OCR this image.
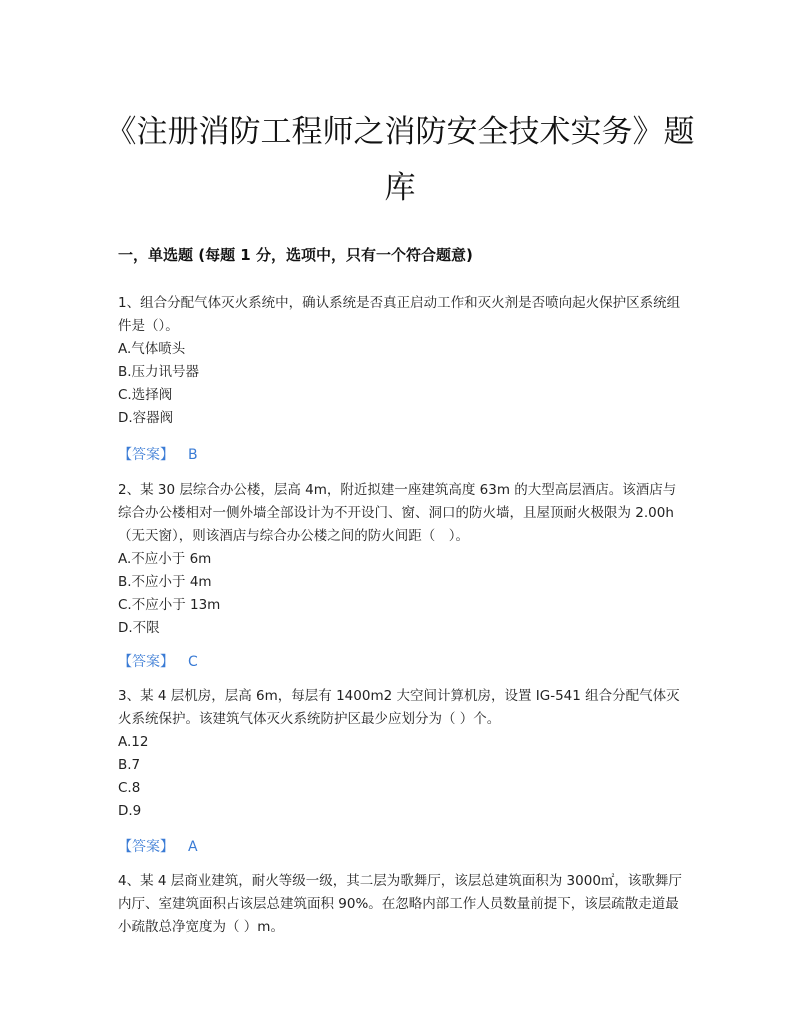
《注册消防工程师之消防安全技术实务》题库
一，单选题 (每题 1 分，选项中，只有一个符合题意)

1、组合分配气体灭火系统中，确认系统是否真正启动工作和灭火剂是否喷向起火保护区系统组件是（）。

A.气体喷头

B.压力讯号器

C.选择阀

D.容器阀

【答案】 B

2、某 30 层综合办公楼，层高 4m，附近拟建一座建筑高度 63m 的大型高层酒店。该酒店与综合办公楼相对一侧外墙全部设计为不开设门、窗、洞口的防火墙，且屋顶耐火极限为 2.00h（无天窗），则该酒店与综合办公楼之间的防火间距（　）。

A.不应小于 6m

B.不应小于 4m

C.不应小于 13m

D.不限

【答案】 C

3、某 4 层机房，层高 6m，每层有 1400m2 大空间计算机房，设置 IG-541 组合分配气体灭火系统保护。该建筑气体灭火系统防护区最少应划分为（ ）个。

A.12

B.7

C.8

D.9

【答案】 A

4、某 4 层商业建筑，耐火等级一级，其二层为歌舞厅，该层总建筑面积为 3000㎡，该歌舞厅内厅、室建筑面积占该层总建筑面积 90%。在忽略内部工作人员数量前提下，该层疏散走道最小疏散总净宽度为（ ）m。
